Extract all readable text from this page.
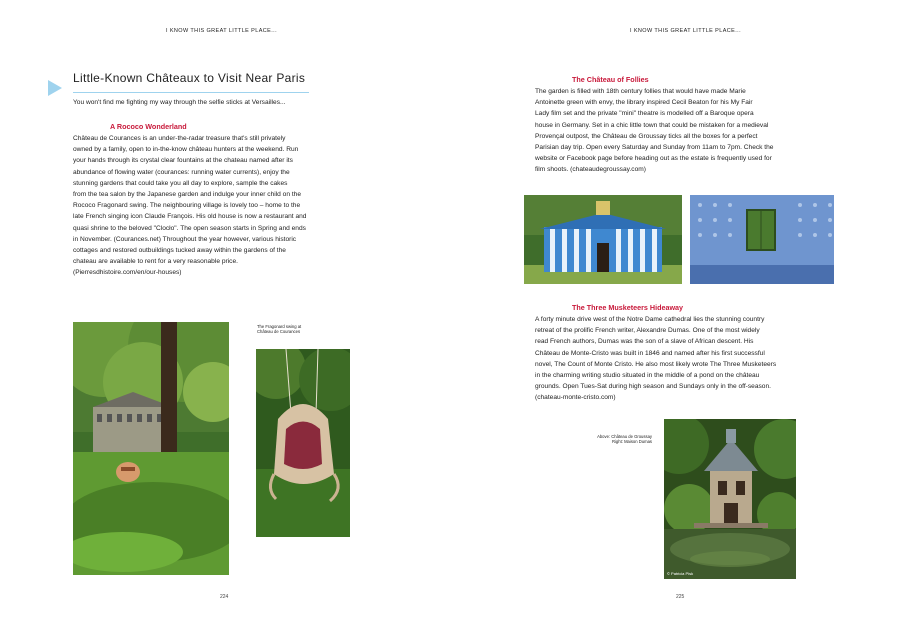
I KNOW THIS GREAT LITTLE PLACE...
Little-Known Châteaux to Visit Near Paris
You won't find me fighting my way through the selfie sticks at Versailles...
A Rococo Wonderland
Château de Courances is an under-the-radar treasure that's still privately
owned by a family, open to in-the-know château hunters at the weekend. Run
your hands through its crystal clear fountains at the chateau named after its
abundance of flowing water (courances: running water currents), enjoy the
stunning gardens that could take you all day to explore, sample the cakes
from the tea salon by the Japanese garden and indulge your inner child on the
Rococo Fragonard swing. The neighbouring village is lovely too – home to the
late French singing icon Claude François. His old house is now a restaurant and
quasi shrine to the beloved "Clocło". The open season starts in Spring and ends
in November. (Courances.net) Throughout the year however, various historic
cottages and restored outbuildings tucked away within the gardens of the
chateau are available to rent for a very reasonable price.
(Pierresdhistoire.com/en/our-houses)
The Fragonard swing at
Château de Courances
224
I KNOW THIS GREAT LITTLE PLACE...
The Château of Follies
The garden is filled with 18th century follies that would have made Marie
Antoinette green with envy, the library inspired Cecil Beaton for his My Fair
Lady film set and the private "mini" theatre is modelled off a Baroque opera
house in Germany. Set in a chic little town that could be mistaken for a medieval
Provençal outpost, the Château de Groussay ticks all the boxes for a perfect
Parisian day trip. Open every Saturday and Sunday from 11am to 7pm. Check the
website or Facebook page before heading out as the estate is frequently used for
film shoots. (chateaudegroussay.com)
The Three Musketeers Hideaway
A forty minute drive west of the Notre Dame cathedral lies the stunning country
retreat of the prolific French writer, Alexandre Dumas. One of the most widely
read French authors, Dumas was the son of a slave of African descent. His
Château de Monte-Cristo was built in 1846 and named after his first successful
novel, The Count of Monte Cristo. He also most likely wrote The Three Musketeers
in the charming writing studio situated in the middle of a pond on the château
grounds. Open Tues-Sat during high season and Sundays only in the off-season.
(chateau-monte-cristo.com)
Above: Château de Groussay
Right: Maison Dumas
© Patricia Pisk
225
